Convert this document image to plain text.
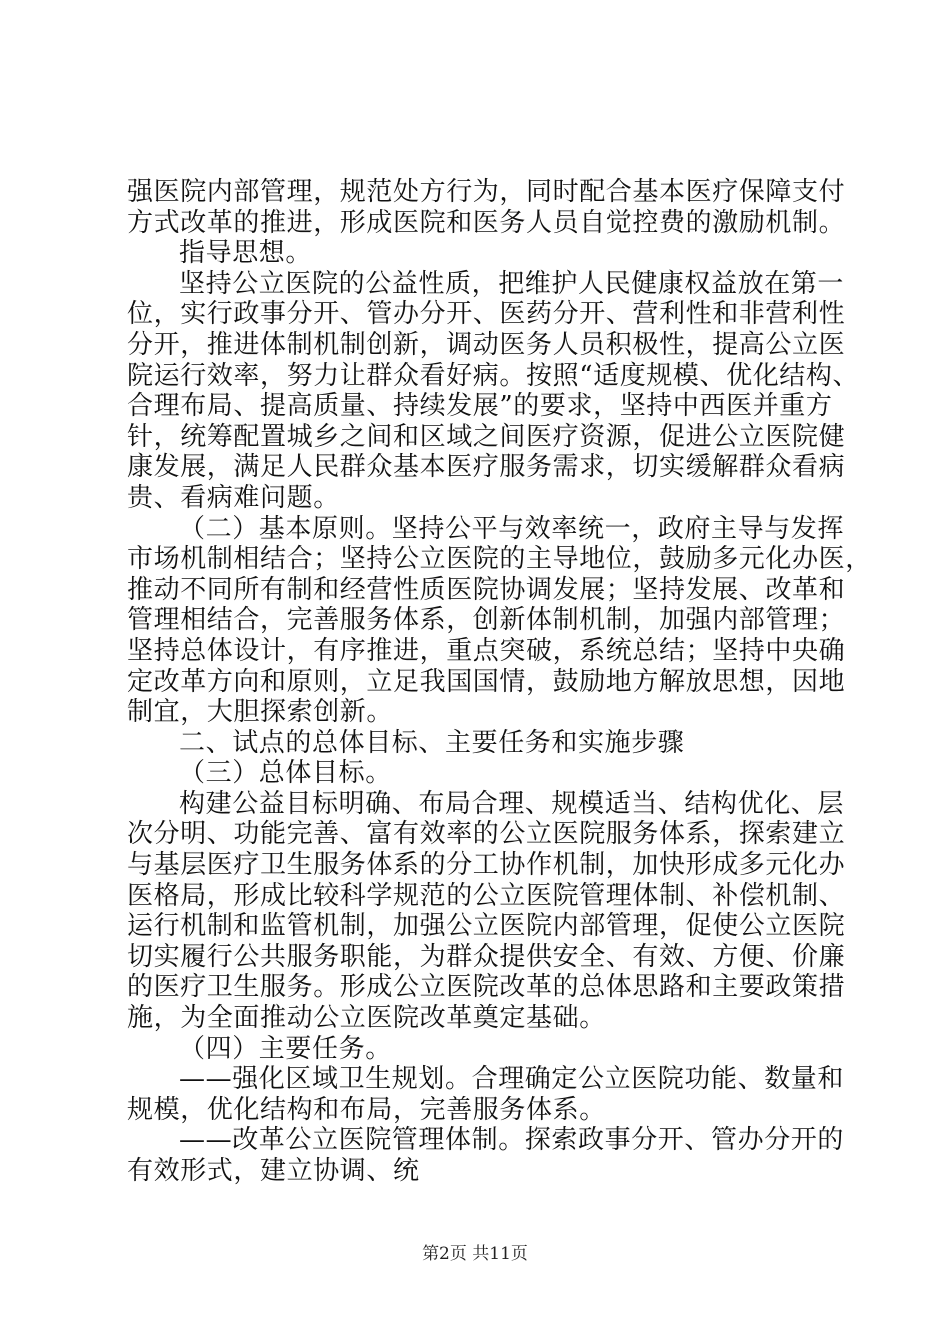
强医院内部管理，规范处方行为，同时配合基本医疗保障支付
方式改革的推进，形成医院和医务人员自觉控费的激励机制。
指导思想。
坚持公立医院的公益性质，把维护人民健康权益放在第一
位，实行政事分开、管办分开、医药分开、营利性和非营利性
分开，推进体制机制创新，调动医务人员积极性，提高公立医
院运行效率，努力让群众看好病。按照“适度规模、优化结构、
合理布局、提高质量、持续发展”的要求，坚持中西医并重方
针，统筹配置城乡之间和区域之间医疗资源，促进公立医院健
康发展，满足人民群众基本医疗服务需求，切实缓解群众看病
贵、看病难问题。
（二）基本原则。坚持公平与效率统一，政府主导与发挥
市场机制相结合；坚持公立医院的主导地位，鼓励多元化办医，
推动不同所有制和经营性质医院协调发展；坚持发展、改革和
管理相结合，完善服务体系，创新体制机制，加强内部管理；
坚持总体设计，有序推进，重点突破，系统总结；坚持中央确
定改革方向和原则，立足我国国情，鼓励地方解放思想，因地
制宜，大胆探索创新。
二、试点的总体目标、主要任务和实施步骤
（三）总体目标。
构建公益目标明确、布局合理、规模适当、结构优化、层
次分明、功能完善、富有效率的公立医院服务体系，探索建立
与基层医疗卫生服务体系的分工协作机制，加快形成多元化办
医格局，形成比较科学规范的公立医院管理体制、补偿机制、
运行机制和监管机制，加强公立医院内部管理，促使公立医院
切实履行公共服务职能，为群众提供安全、有效、方便、价廉
的医疗卫生服务。形成公立医院改革的总体思路和主要政策措
施，为全面推动公立医院改革奠定基础。
（四）主要任务。
——强化区域卫生规划。合理确定公立医院功能、数量和
规模，优化结构和布局，完善服务体系。
——改革公立医院管理体制。探索政事分开、管办分开的
有效形式，建立协调、统
第2页 共11页
